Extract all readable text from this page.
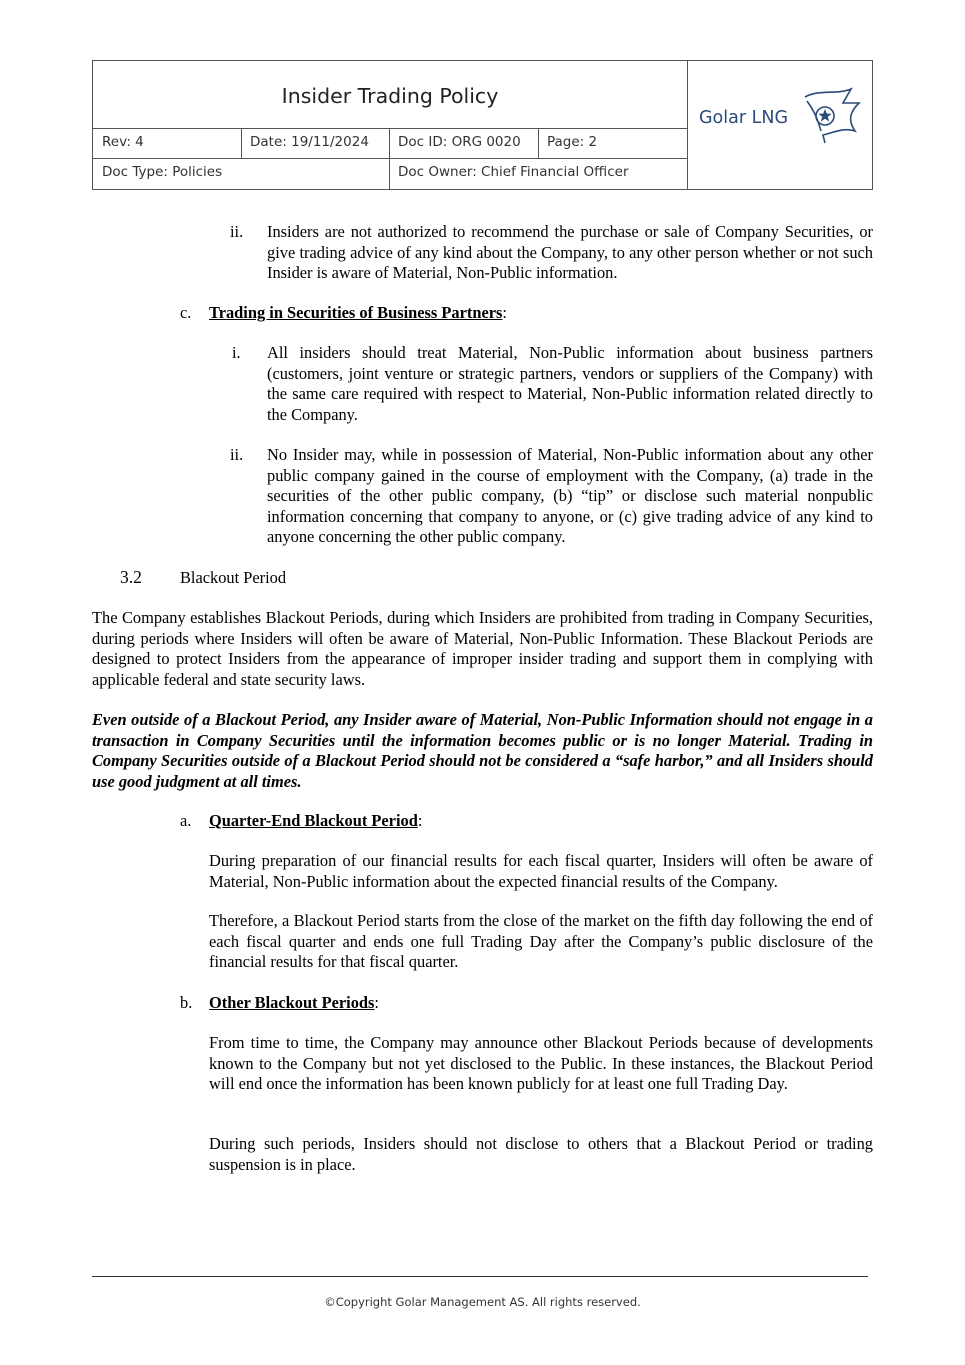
Insider Trading Policy
Rev: 4	Date: 19/11/2024	Doc ID: ORG 0020	Page: 2
Doc Type: Policies	Doc Owner: Chief Financial Officer
Golar LNG
ii. Insiders are not authorized to recommend the purchase or sale of Company Securities, or give trading advice of any kind about the Company, to any other person whether or not such Insider is aware of Material, Non-Public information.
c. Trading in Securities of Business Partners:
i. All insiders should treat Material, Non-Public information about business partners (customers, joint venture or strategic partners, vendors or suppliers of the Company) with the same care required with respect to Material, Non-Public information related directly to the Company.
ii. No Insider may, while in possession of Material, Non-Public information about any other public company gained in the course of employment with the Company, (a) trade in the securities of the other public company, (b) “tip” or disclose such material nonpublic information concerning that company to anyone, or (c) give trading advice of any kind to anyone concerning the other public company.
3.2 Blackout Period
The Company establishes Blackout Periods, during which Insiders are prohibited from trading in Company Securities, during periods where Insiders will often be aware of Material, Non-Public Information. These Blackout Periods are designed to protect Insiders from the appearance of improper insider trading and support them in complying with applicable federal and state security laws.
Even outside of a Blackout Period, any Insider aware of Material, Non-Public Information should not engage in a transaction in Company Securities until the information becomes public or is no longer Material. Trading in Company Securities outside of a Blackout Period should not be considered a “safe harbor,” and all Insiders should use good judgment at all times.
a. Quarter-End Blackout Period:
During preparation of our financial results for each fiscal quarter, Insiders will often be aware of Material, Non-Public information about the expected financial results of the Company.
Therefore, a Blackout Period starts from the close of the market on the fifth day following the end of each fiscal quarter and ends one full Trading Day after the Company’s public disclosure of the financial results for that fiscal quarter.
b. Other Blackout Periods:
From time to time, the Company may announce other Blackout Periods because of developments known to the Company but not yet disclosed to the Public. In these instances, the Blackout Period will end once the information has been known publicly for at least one full Trading Day.
During such periods, Insiders should not disclose to others that a Blackout Period or trading suspension is in place.
©Copyright Golar Management AS. All rights reserved.
